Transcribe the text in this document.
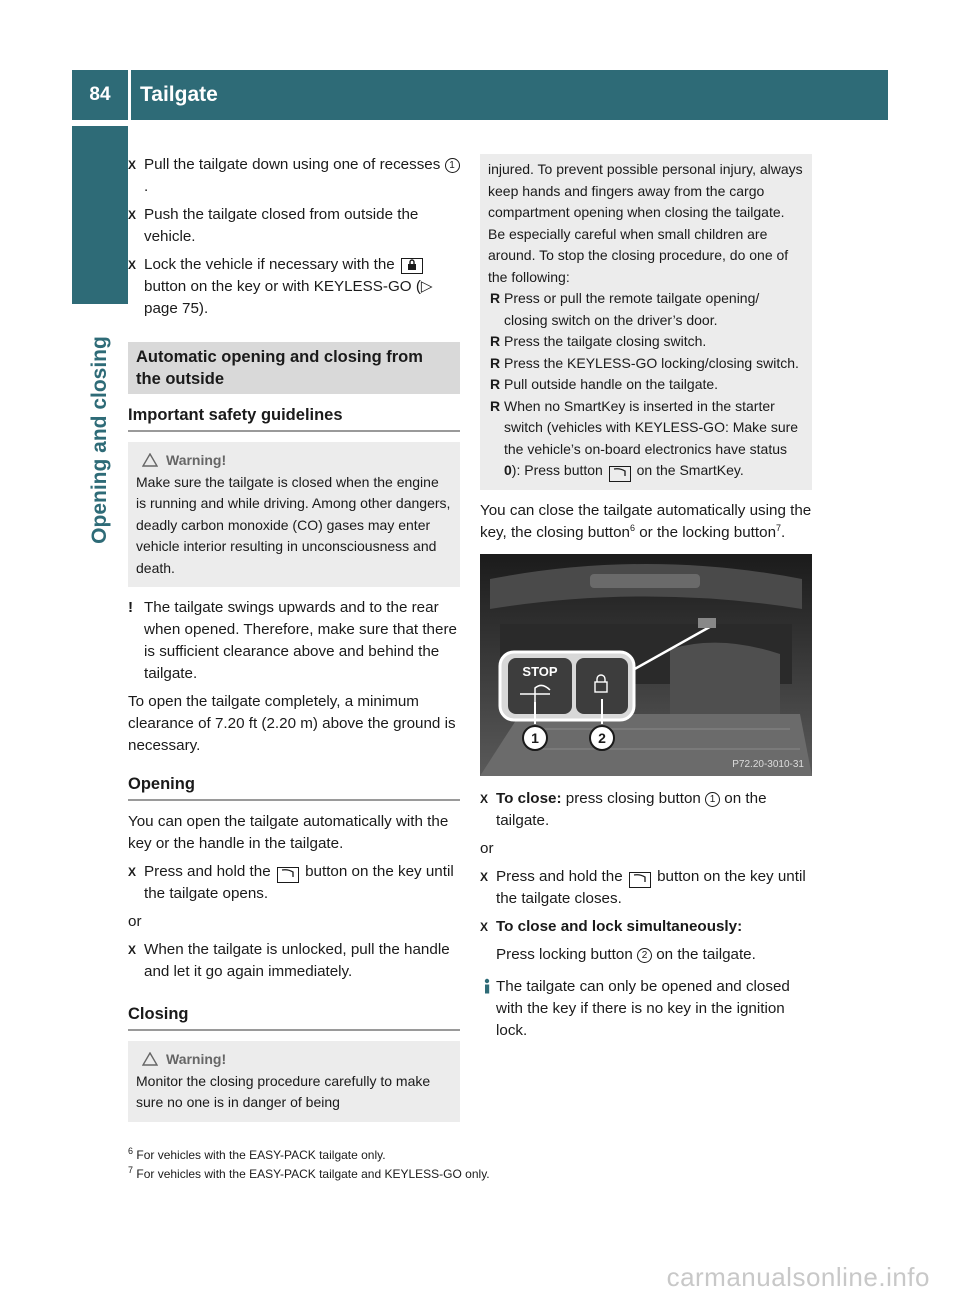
84	Tailgate
Opening and closing
X Pull the tailgate down using one of recesses 1.
X Push the tailgate closed from outside the vehicle.
X Lock the vehicle if necessary with the  button on the key or with KEYLESS-GO (▷ page 75).
Automatic opening and closing from the outside
Important safety guidelines
Warning!
Make sure the tailgate is closed when the engine is running and while driving. Among other dangers, deadly carbon monoxide (CO) gases may enter vehicle interior resulting in unconsciousness and death.
! The tailgate swings upwards and to the rear when opened. Therefore, make sure that there is sufficient clearance above and behind the tailgate.
To open the tailgate completely, a minimum clearance of 7.20 ft (2.20 m) above the ground is necessary.
Opening
You can open the tailgate automatically with the key or the handle in the tailgate.
X Press and hold the  button on the key until the tailgate opens.
or
X When the tailgate is unlocked, pull the handle and let it go again immediately.
Closing
Warning!
Monitor the closing procedure carefully to make sure no one is in danger of being
injured. To prevent possible personal injury, always keep hands and fingers away from the cargo compartment opening when closing the tailgate. Be especially careful when small children are around. To stop the closing procedure, do one of the following:
R Press or pull the remote tailgate opening/ closing switch on the driver’s door.
R Press the tailgate closing switch.
R Press the KEYLESS-GO locking/closing switch.
R Pull outside handle on the tailgate.
R When no SmartKey is inserted in the starter switch (vehicles with KEYLESS-GO: Make sure the vehicle’s on-board electronics have status 0): Press button  on the SmartKey.
You can close the tailgate automatically using the key, the closing button$^6$ or the locking button$^7$.
STOP
1	2
P72.20-3010-31
X To close: press closing button 1 on the tailgate.
or
X Press and hold the  button on the key until the tailgate closes.
X To close and lock simultaneously:
Press locking button 2 on the tailgate.
The tailgate can only be opened and closed with the key if there is no key in the ignition lock.
$^6$ For vehicles with the EASY-PACK tailgate only.
$^7$ For vehicles with the EASY-PACK tailgate and KEYLESS-GO only.
carmanualsonline.info
